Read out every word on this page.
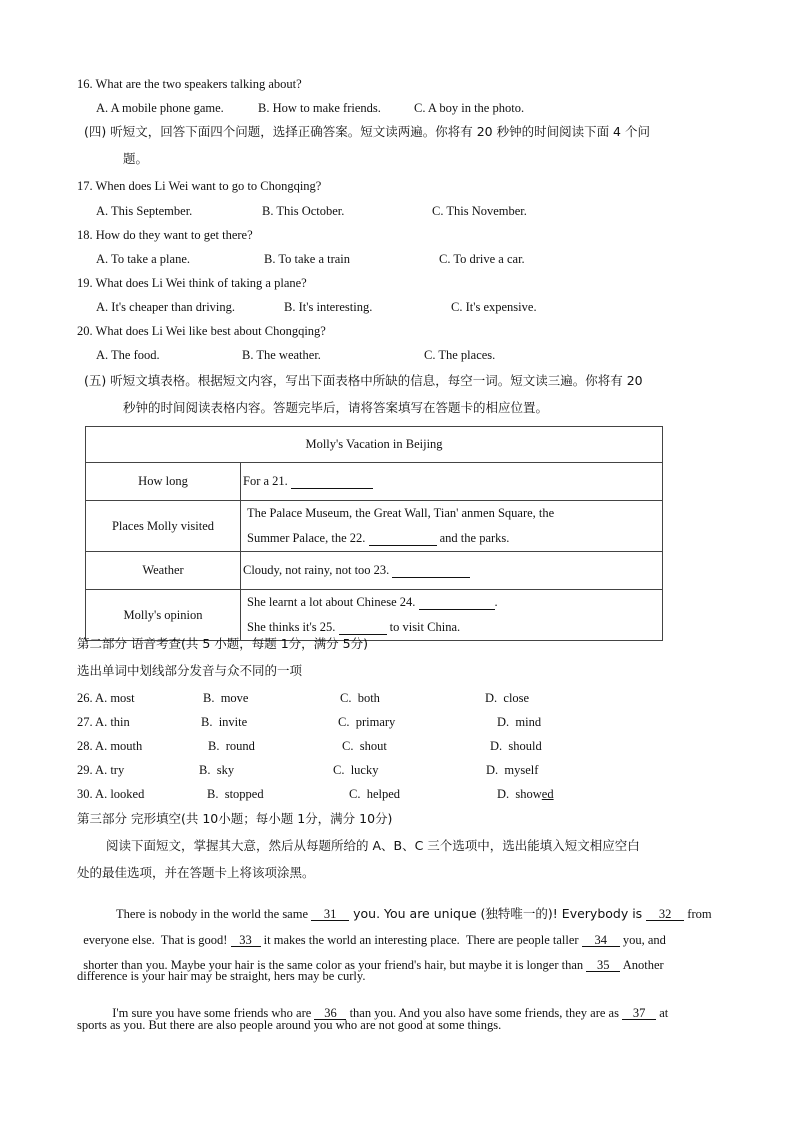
16. What are the two speakers talking about?
A. A mobile phone game.	B. How to make friends.	C. A boy in the photo.
(四) 听短文，回答下面四个问题，选择正确答案。短文读两遍。你将有 20 秒钟的时间阅读下面 4 个问
题。
17. When does Li Wei want to go to Chongqing?
A. This September.	B. This October.	C. This November.
18. How do they want to get there?
A. To take a plane.	B. To take a train	C. To drive a car.
19. What does Li Wei think of taking a plane?
A. It's cheaper than driving.	B. It's interesting.	C. It's expensive.
20. What does Li Wei like best about Chongqing?
A. The food.	B. The weather.	C. The places.
(五) 听短文填表格。根据短文内容，写出下面表格中所缺的信息，每空一词。短文读三遍。你将有 20
秒钟的时间阅读表格内容。答题完毕后，请将答案填写在答题卡的相应位置。
Molly's Vacation in Beijing	
How long	For a 21.
Places Molly visited	The Palace Museum, the Great Wall, Tian' anmen Square, the
Summer Palace, the 22. and the parks.

Weather	Cloudy, not rainy, not too 23.
Molly's opinion	She learnt a lot about Chinese 24. .
She thinks it's 25. to visit China.
第二部分 语音考查(共 5 小题，每题 1分，满分 5分)
选出单词中划线部分发音与众不同的一项
26. A. most	B.  move	C.  both	D.  close
27. A. thin	B.  invite	C.  primary	D.  mind
28. A. mouth	B.  round	C.  shout	D.  should
29. A. try	B.  sky	C.  lucky	D.  myself
30. A. looked	B.  stopped	C.  helped	D.  showed
第三部分 完形填空(共 10小题；每小题 1分，满分 10分)
阅读下面短文，掌握其大意，然后从每题所给的 A、B、C 三个选项中，选出能填入短文相应空白
处的最佳选项，并在答题卡上将该项涂黑。

There is nobody in the world the same 31 you. You are unique (独特唯一的)! Everybody is 32 from

everyone else.  That is good! 33 it makes the world an interesting place.  There are people taller 34 you, and

shorter than you. Maybe your hair is the same color as your friend's hair, but maybe it is longer than 35 Another

difference is your hair may be straight, hers may be curly.

I'm sure you have some friends who are 36 than you. And you also have some friends, they are as 37 at

sports as you. But there are also people around you who are not good at some things.
